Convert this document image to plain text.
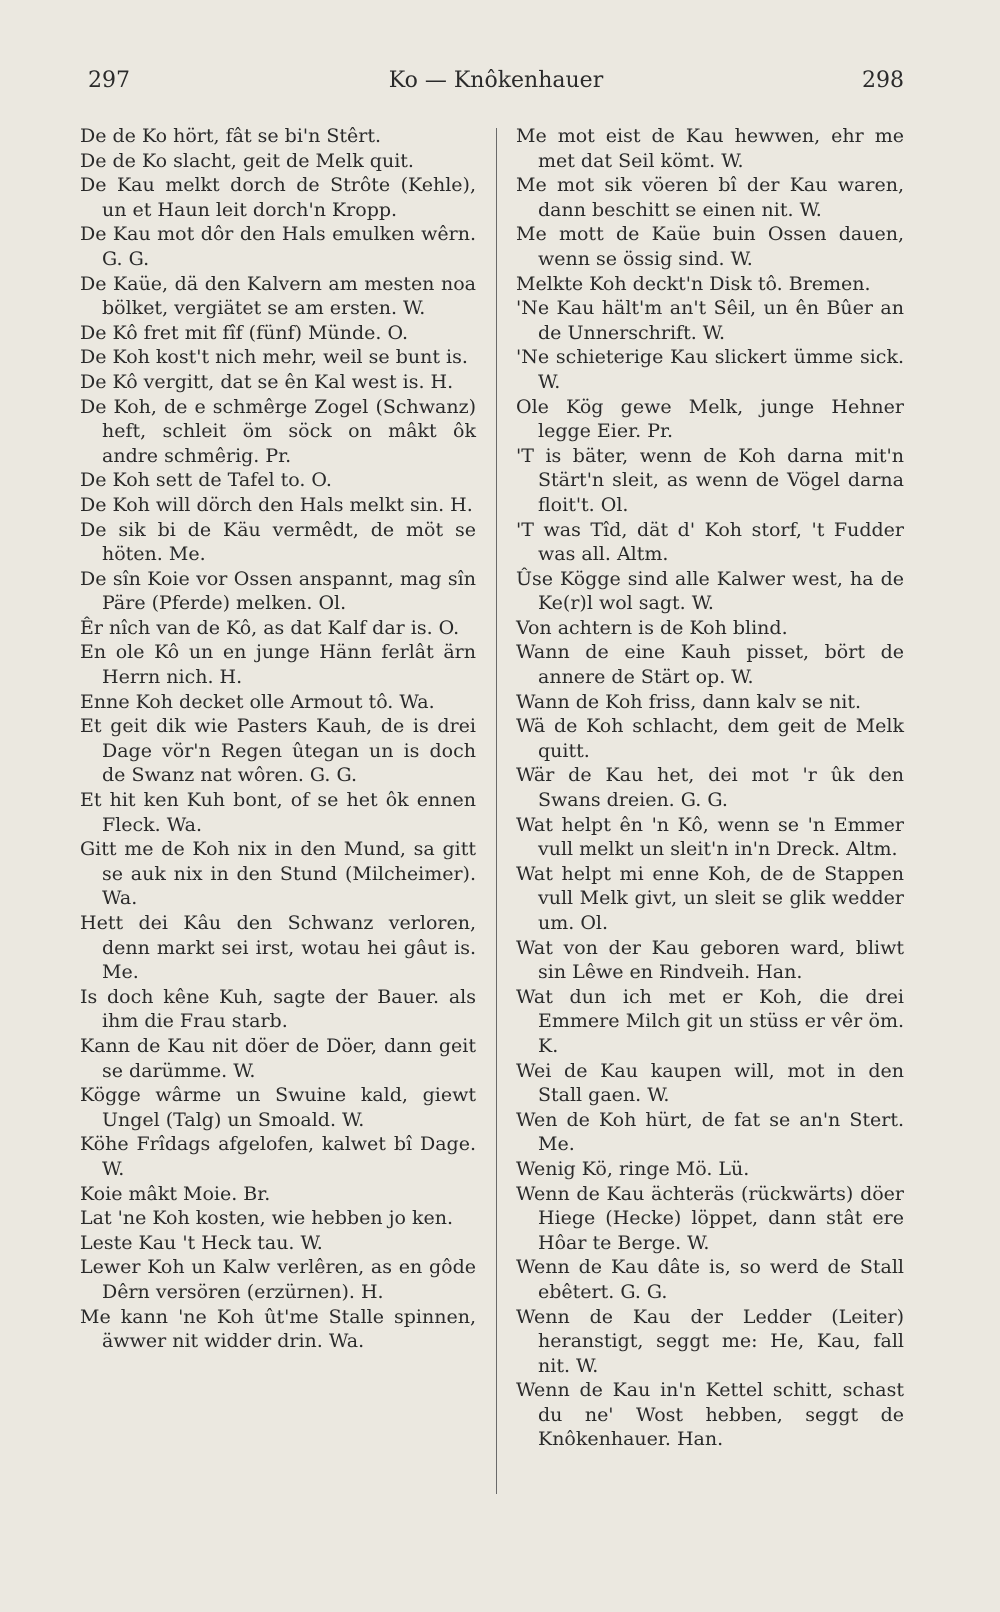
297	Ko — Knôkenhauer	298

De de Ko hört, fât se bi'n Stêrt.

De de Ko slacht, geit de Melk quit.

De Kau melkt dorch de Strôte (Kehle), un et Haun leit dorch'n Kropp.

De Kau mot dôr den Hals emulken wêrn. G. G.

De Kaüe, dä den Kalvern am mesten noa bölket, vergiätet se am ersten. W.

De Kô fret mit fîf (fünf) Münde. O.

De Koh kost't nich mehr, weil se bunt is.

De Kô vergitt, dat se ên Kal west is. H.

De Koh, de e schmêrge Zogel (Schwanz) heft, schleit öm söck on mâkt ôk andre schmêrig. Pr.

De Koh sett de Tafel to. O.

De Koh will dörch den Hals melkt sin. H.

De sik bi de Käu vermêdt, de möt se höten. Me.

De sîn Koie vor Ossen anspannt, mag sîn Päre (Pferde) melken. Ol.

Êr nîch van de Kô, as dat Kalf dar is. O.

En ole Kô un en junge Hänn ferlât ärn Herrn nich. H.

Enne Koh decket olle Armout tô. Wa.

Et geit dik wie Pasters Kauh, de is drei Dage vör'n Regen ûtegan un is doch de Swanz nat wôren. G. G.

Et hit ken Kuh bont, of se het ôk ennen Fleck. Wa.

Gitt me de Koh nix in den Mund, sa gitt se auk nix in den Stund (Milcheimer). Wa.

Hett dei Kâu den Schwanz verloren, denn markt sei irst, wotau hei gâut is. Me.

Is doch kêne Kuh, sagte der Bauer. als ihm die Frau starb.

Kann de Kau nit döer de Döer, dann geit se darümme. W.

Kögge wârme un Swuine kald, giewt Ungel (Talg) un Smoald. W.

Köhe Frîdags afgelofen, kalwet bî Dage. W.

Koie mâkt Moie. Br.

Lat 'ne Koh kosten, wie hebben jo ken.

Leste Kau 't Heck tau. W.

Lewer Koh un Kalw verlêren, as en gôde Dêrn versören (erzürnen). H.

Me kann 'ne Koh ût'me Stalle spinnen, äwwer nit widder drin. Wa.

Me mot eist de Kau hewwen, ehr me met dat Seil kömt. W.

Me mot sik vöeren bî der Kau waren, dann beschitt se einen nit. W.

Me mott de Kaüe buin Ossen dauen, wenn se össig sind. W.

Melkte Koh deckt'n Disk tô. Bremen.

'Ne Kau hält'm an't Sêil, un ên Bûer an de Unnerschrift. W.

'Ne schieterige Kau slickert ümme sick. W.

Ole Kög gewe Melk, junge Hehner legge Eier. Pr.

'T is bäter, wenn de Koh darna mit'n Stärt'n sleit, as wenn de Vögel darna floit't. Ol.

'T was Tîd, dät d' Koh storf, 't Fudder was all. Altm.

Ûse Kögge sind alle Kalwer west, ha de Ke(r)l wol sagt. W.

Von achtern is de Koh blind.

Wann de eine Kauh pisset, bört de annere de Stärt op. W.

Wann de Koh friss, dann kalv se nit.

Wä de Koh schlacht, dem geit de Melk quitt.

Wär de Kau het, dei mot 'r ûk den Swans dreien. G. G.

Wat helpt ên 'n Kô, wenn se 'n Emmer vull melkt un sleit'n in'n Dreck. Altm.

Wat helpt mi enne Koh, de de Stappen vull Melk givt, un sleit se glik wedder um. Ol.

Wat von der Kau geboren ward, bliwt sin Lêwe en Rindveih. Han.

Wat dun ich met er Koh, die drei Emmere Milch git un stüss er vêr öm. K.

Wei de Kau kaupen will, mot in den Stall gaen. W.

Wen de Koh hürt, de fat se an'n Stert. Me.

Wenig Kö, ringe Mö. Lü.

Wenn de Kau ächteräs (rückwärts) döer Hiege (Hecke) löppet, dann stât ere Hôar te Berge. W.

Wenn de Kau dâte is, so werd de Stall ebêtert. G. G.

Wenn de Kau der Ledder (Leiter) heranstigt, seggt me: He, Kau, fall nit. W.

Wenn de Kau in'n Kettel schitt, schast du ne' Wost hebben, seggt de Knôkenhauer. Han.
